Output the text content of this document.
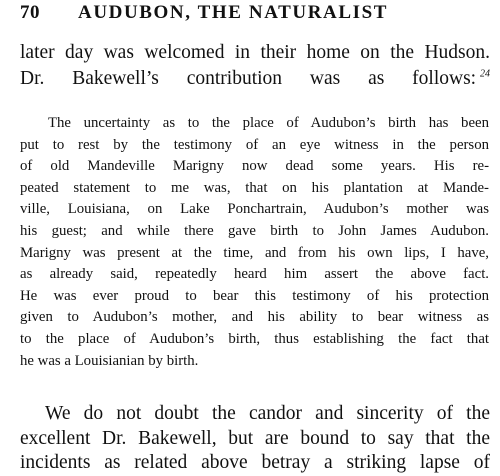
70 AUDUBON, THE NATURALIST
later day was welcomed in their home on the Hudson.
Dr. Bakewell’s contribution was as follows:  $^{24}$
The uncertainty as to the place of Audubon’s birth has been
put to rest by the testimony of an eye witness in the person
of old Mandeville Marigny now dead some years. His re-
peated statement to me was, that on his plantation at Mande-
ville, Louisiana, on Lake Ponchartrain, Audubon’s mother was
his guest; and while there gave birth to John James Audubon.
Marigny was present at the time, and from his own lips, I have,
as already said, repeatedly heard him assert the above fact.
He was ever proud to bear this testimony of his protection
given to Audubon’s mother, and his ability to bear witness as
to the place of Audubon’s birth, thus establishing the fact that
he was a Louisianian by birth.
We do not doubt the candor and sincerity of the
excellent Dr. Bakewell, but are bound to say that the
incidents as related above betray a striking lapse of
